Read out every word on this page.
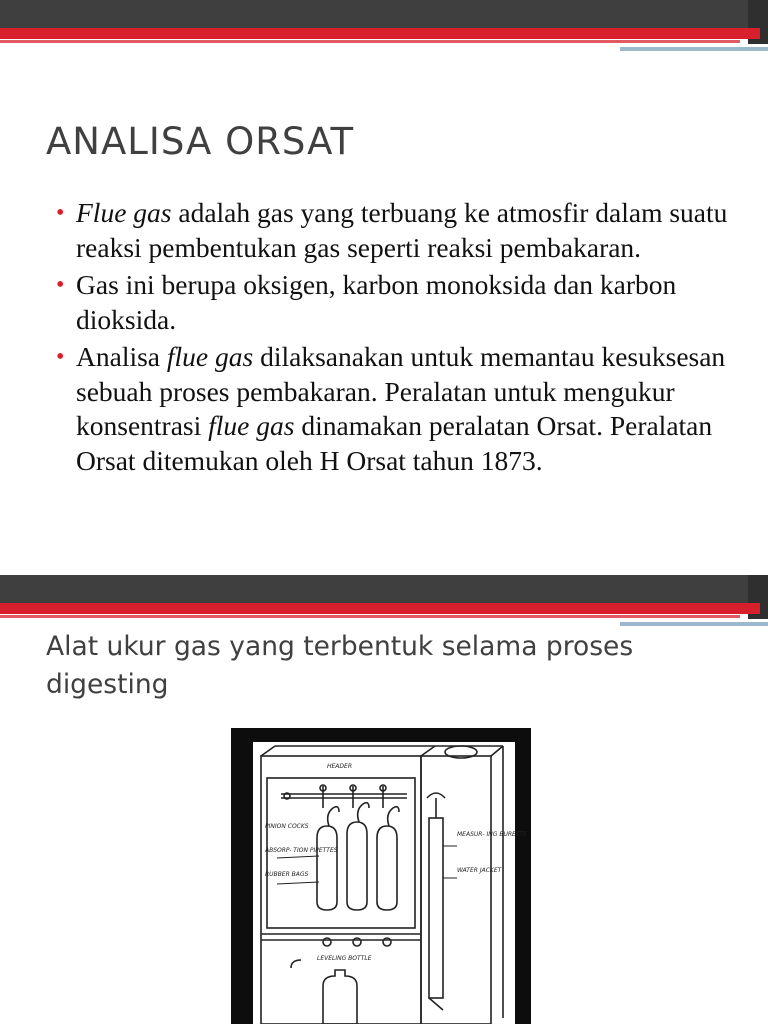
ANALISA ORSAT
• Flue gas adalah gas yang terbuang ke atmosfir dalam suatu reaksi pembentukan gas seperti reaksi pembakaran.
• Gas ini berupa oksigen, karbon monoksida dan karbon dioksida.
• Analisa flue gas dilaksanakan untuk memantau kesuksesan sebuah proses pembakaran. Peralatan untuk mengukur konsentrasi flue gas dinamakan peralatan Orsat. Peralatan Orsat ditemukan oleh H Orsat tahun 1873.
Alat ukur gas yang terbentuk selama proses digesting
HEADER
PINION COCKS
ABSORP- TION PIPETTES
RUBBER BAGS
MEASUR- ING BURETTE
WATER JACKET
LEVELING BOTTLE
